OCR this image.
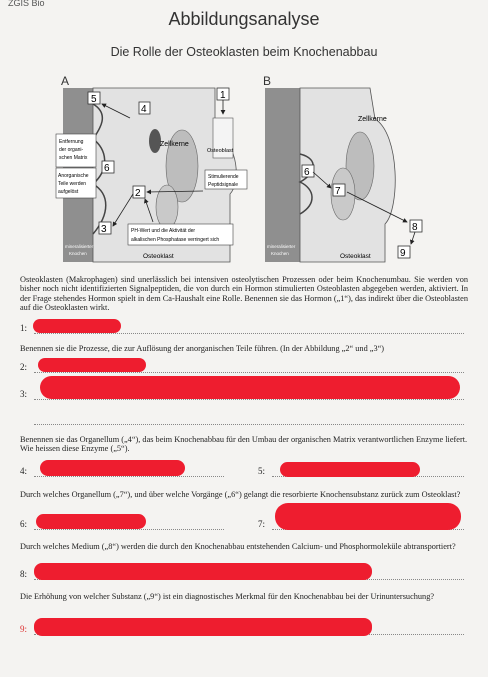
ZGIS Bio
Abbildungsanalyse
Die Rolle der Osteoklasten beim Knochenabbau
A
5
4
Zellkerne
Entfernung
der organi-
schen Matrix
Anorganische
Teile werden
aufgelöst
6
2
3
1
Osteoblast
Stimulierende
Peptidsignale
PH-Wert und die Aktivität der
alkalischen Phosphatase verringert sich
mineralisierter
Knochen	Osteoklast
B
Zellkerne
6
7
8
9
mineralisierter
Knochen	Osteoklast
Osteoklasten (Makrophagen) sind unerlässlich bei intensiven osteolytischen Prozessen oder beim Knochenumbau. Sie werden von bisher noch nicht identifizierten Signalpeptiden, die von durch ein Hormon stimulierten Osteoblasten abgegeben werden, aktiviert. In der Frage stehendes Hormon spielt in dem Ca-Haushalt eine Rolle. Benennen sie das Hormon („1“), das indirekt über die Osteoblasten auf die Osteoklasten wirkt.
1:
Benennen sie die Prozesse, die zur Auflösung der anorganischen Teile führen. (In der Abbildung „2“ und „3“)
2:
3:
Benennen sie das Organellum („4“), das beim Knochenabbau für den Umbau der organischen Matrix verantwortlichen Enzyme liefert. Wie heissen diese Enzyme („5“).
4:	5:
Durch welches Organellum („7“), und über welche Vorgänge („6“) gelangt die resorbierte Knochensubstanz zurück zum Osteoklast?
6:	7:
Durch welches Medium („8“) werden die durch den Knochenabbau entstehenden Calcium- und Phosphormoleküle abtransportiert?
8:
Die Erhöhung von welcher Substanz („9“) ist ein diagnostisches Merkmal für den Knochenabbau bei der Urinuntersuchung?
9:
